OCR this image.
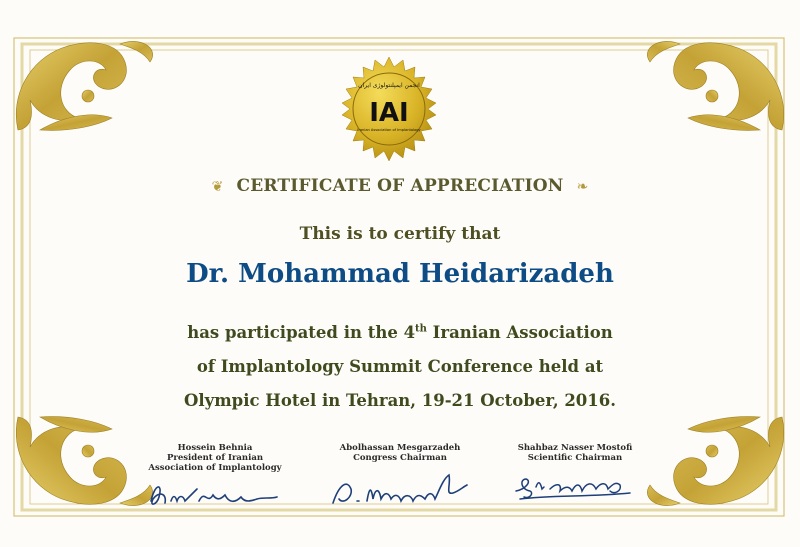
انجمن ایمپلنتولوژی ایران
IAI
Iranian Association of Implantology
❦ CERTIFICATE OF APPRECIATION ❧
This is to certify that
Dr. Mohammad Heidarizadeh
has participated in the 4th Iranian Association
of Implantology Summit Conference held at
Olympic Hotel in Tehran, 19-21 October, 2016.
Hossein Behnia
President of Iranian
Association of Implantology
Abolhassan Mesgarzadeh
Congress Chairman
Shahbaz Nasser Mostofi
Scientific Chairman
